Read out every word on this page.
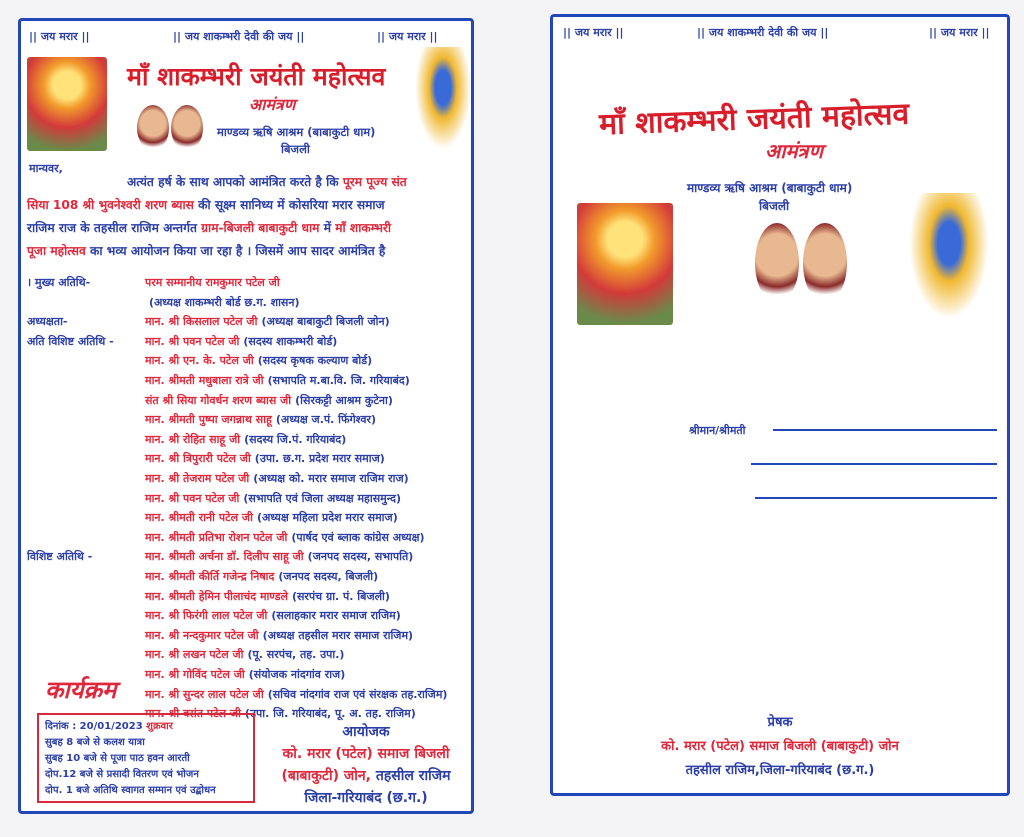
|| जय मरार ||	|| जय शाकम्भरी देवी की जय ||	|| जय मरार ||
माँ शाकम्भरी जयंती महोत्सव
आमंत्रण
माण्डव्य ऋषि आश्रम (बाबाकुटी धाम)
बिजली
मान्यवर,
अत्यंत हर्ष के साथ आपको आमंत्रित करते है कि पूरम पूज्य संत
सिया 108 श्री भुवनेश्वरी शरण ब्यास की सूक्ष्म सानिध्य में कोसरिया मरार समाज
राजिम राज के तहसील राजिम अन्तर्गत ग्राम-बिजली बाबाकुटी धाम में माँ शाकम्भरी
पूजा महोत्सव का भव्य आयोजन किया जा रहा है । जिसमें आप सादर आमंत्रित है
। मुख्य अतिथि-	परम सम्मानीय रामकुमार पटेल जी
(अध्यक्ष शाकम्भरी बोर्ड छ.ग. शासन)
अध्यक्षता-	मान. श्री किसलाल पटेल जी (अध्यक्ष बाबाकुटी बिजली जोन)
अति विशिष्ट अतिथि -	मान. श्री पवन पटेल जी (सदस्य शाकम्भरी बोर्ड)
मान. श्री एन. के. पटेल जी (सदस्य कृषक कल्याण बोर्ड)
मान. श्रीमती मधुबाला रात्रे जी (सभापति म.बा.वि. जि. गरियाबंद)
संत श्री सिया गोवर्धन शरण ब्यास जी (सिरकट्टी आश्रम कुटेना)
मान. श्रीमती पुष्पा जगन्नाथ साहू (अध्यक्ष ज.पं. फिंगेश्वर)
मान. श्री रोहित साहू जी (सदस्य जि.पं. गरियाबंद)
मान. श्री त्रिपुरारी पटेल जी (उपा. छ.ग. प्रदेश मरार समाज)
मान. श्री तेजराम पटेल जी (अध्यक्ष को. मरार समाज राजिम राज)
मान. श्री पवन पटेल जी (सभापति एवं जिला अध्यक्ष महासमुन्द)
मान. श्रीमती रानी पटेल जी (अध्यक्ष महिला प्रदेश मरार समाज)
मान. श्रीमती प्रतिभा रोशन पटेल जी (पार्षद एवं ब्लाक कांग्रेस अध्यक्ष)
विशिष्ट अतिथि -	मान. श्रीमती अर्चना डॉ. दिलीप साहू जी (जनपद सदस्य, सभापति)
मान. श्रीमती कीर्ति गजेन्द्र निषाद (जनपद सदस्य, बिजली)
मान. श्रीमती हेमिन पीलाचंद माण्डले (सरपंच ग्रा. पं. बिजली)
मान. श्री फिरंगी लाल पटेल जी (सलाहकार मरार समाज राजिम)
मान. श्री नन्दकुमार पटेल जी (अध्यक्ष तहसील मरार समाज राजिम)
मान. श्री लखन पटेल जी (पू. सरपंच, तह. उपा.)
मान. श्री गोविंद पटेल जी (संयोजक नांदगांव राज)
मान. श्री सुन्दर लाल पटेल जी (सचिव नांदगांव राज एवं संरक्षक तह.राजिम)
मान. श्री बसंत पटेल जी (उपा. जि. गरियाबंद, पू. अ. तह. राजिम)
कार्यक्रम
दिनांक : 20/01/2023 शुक्रवार
सुबह 8 बजे से कलश यात्रा
सुबह 10 बजे से पूजा पाठ हवन आरती
दोप.12 बजे से प्रसादी वितरण एवं भोजन
दोप. 1 बजे अतिथि स्वागत सम्मान एवं उद्बोधन
आयोजक
को. मरार (पटेल) समाज बिजली
(बाबाकुटी) जोन, तहसील राजिम
जिला-गरियाबंद (छ.ग.)
|| जय मरार ||	|| जय शाकम्भरी देवी की जय ||	|| जय मरार ||
माँ शाकम्भरी जयंती महोत्सव
आमंत्रण
माण्डव्य ऋषि आश्रम (बाबाकुटी धाम)
बिजली
श्रीमान/श्रीमती
प्रेषक
को. मरार (पटेल) समाज बिजली (बाबाकुटी) जोन
तहसील राजिम,जिला-गरियाबंद (छ.ग.)
